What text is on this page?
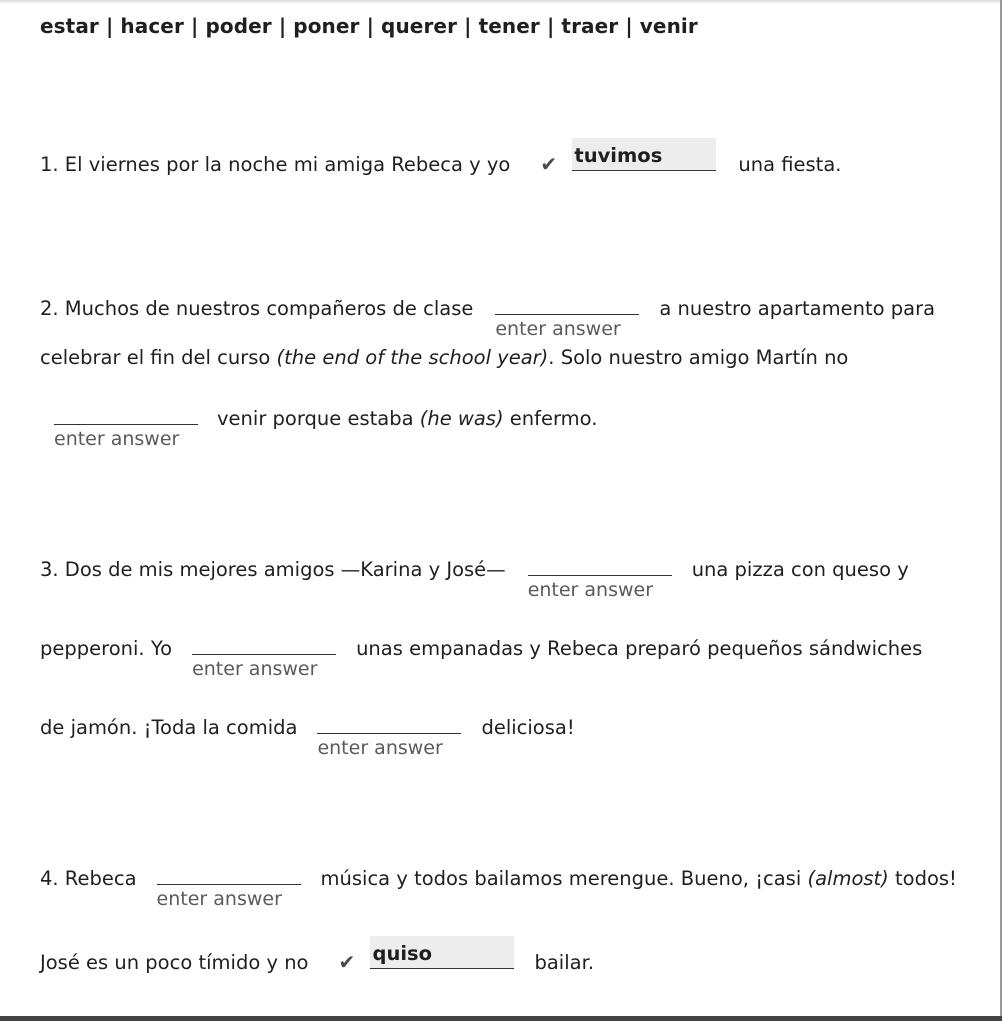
estar | hacer | poder | poner | querer | tener | traer | venir
1. El viernes por la noche mi amiga Rebeca y yo ✔ tuvimos	una fiesta.
2. Muchos de nuestros compañeros de clase
enter answer
a nuestro apartamento para
celebrar el fin del curso (the end of the school year) . Solo nuestro amigo Martín no
enter answer
venir porque estaba (he was) enfermo.
3. Dos de mis mejores amigos —Karina y José—
enter answer
una pizza con queso y
pepperoni. Yo
enter answer
unas empanadas y Rebeca preparó pequeños sándwiches
de jamón. ¡Toda la comida
enter answer
deliciosa!
4. Rebeca
enter answer
música y todos bailamos merengue. Bueno, ¡casi (almost) todos!
José es un poco tímido y no ✔ quiso	bailar.
